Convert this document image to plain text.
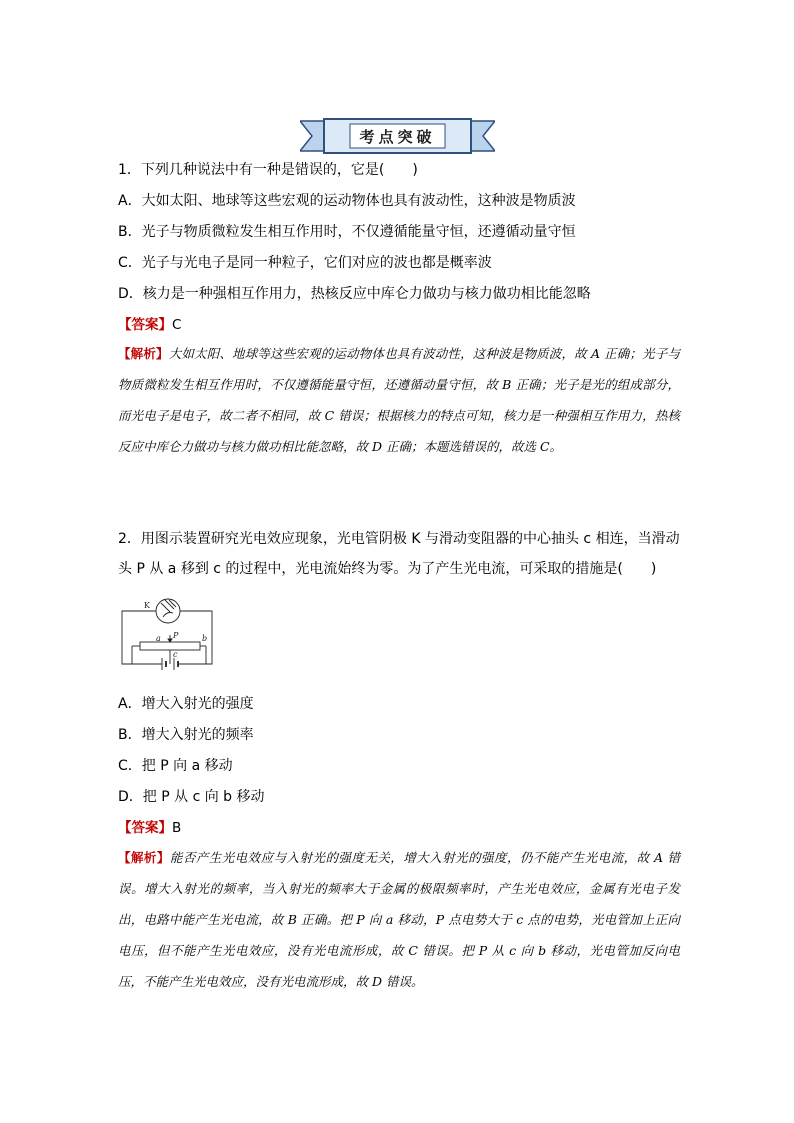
考点突破
1．下列几种说法中有一种是错误的，它是(　　)
A．大如太阳、地球等这些宏观的运动物体也具有波动性，这种波是物质波
B．光子与物质微粒发生相互作用时，不仅遵循能量守恒，还遵循动量守恒
C．光子与光电子是同一种粒子，它们对应的波也都是概率波
D．核力是一种强相互作用力，热核反应中库仑力做功与核力做功相比能忽略
【答案】C
【解析】大如太阳、地球等这些宏观的运动物体也具有波动性，这种波是物质波，故 A 正确；光子与物质微粒发生相互作用时，不仅遵循能量守恒，还遵循动量守恒，故 B 正确；光子是光的组成部分，而光电子是电子，故二者不相同，故 C 错误；根据核力的特点可知，核力是一种强相互作用力，热核反应中库仑力做功与核力做功相比能忽略，故 D 正确；本题选错误的，故选 C。
2．用图示装置研究光电效应现象，光电管阴极 K 与滑动变阻器的中心抽头 c 相连，当滑动头 P 从 a 移到 c 的过程中，光电流始终为零。为了产生光电流，可采取的措施是(　　)
K
a P	b
c
A．增大入射光的强度
B．增大入射光的频率
C．把 P 向 a 移动
D．把 P 从 c 向 b 移动
【答案】B
【解析】能否产生光电效应与入射光的强度无关，增大入射光的强度，仍不能产生光电流，故 A 错误。增大入射光的频率，当入射光的频率大于金属的极限频率时，产生光电效应，金属有光电子发出，电路中能产生光电流，故 B 正确。把 P 向 a 移动，P 点电势大于 c 点的电势，光电管加上正向电压，但不能产生光电效应，没有光电流形成，故 C 错误。把 P 从 c 向 b 移动，光电管加反向电压，不能产生光电效应，没有光电流形成，故 D 错误。
